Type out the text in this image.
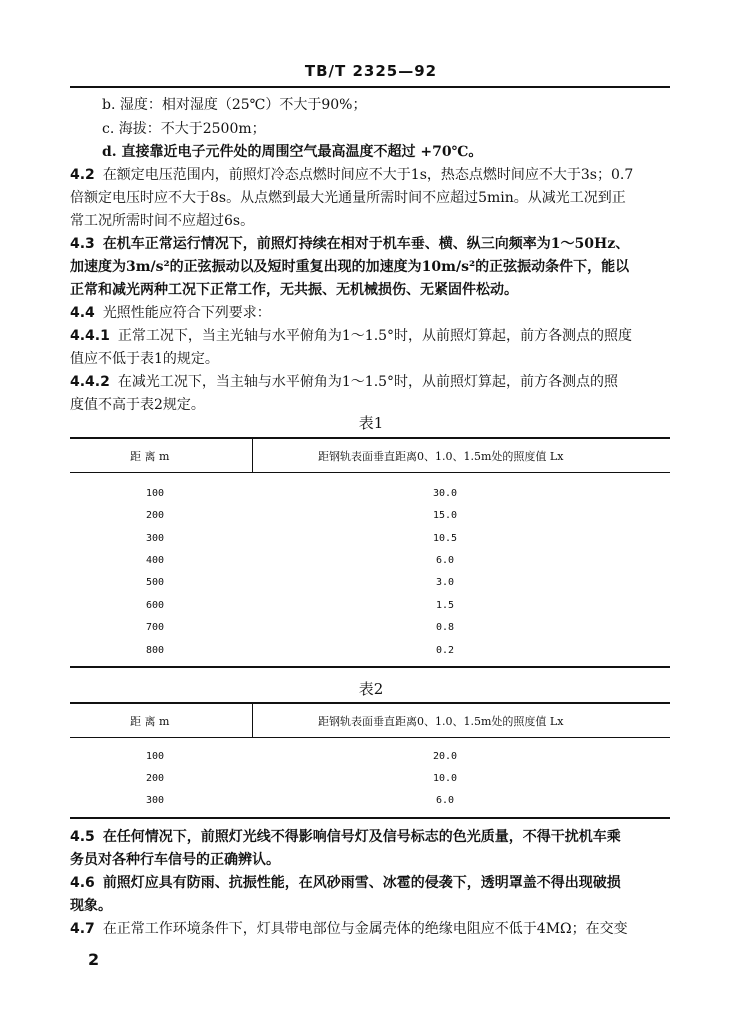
TB/T 2325—92
b. 湿度：相对湿度（25℃）不大于90%；
c. 海拔：不大于2500m；
d. 直接靠近电子元件处的周围空气最高温度不超过 +70℃。
4.2 在额定电压范围内，前照灯冷态点燃时间应不大于1s，热态点燃时间应不大于3s；0.7
倍额定电压时应不大于8s。从点燃到最大光通量所需时间不应超过5min。从减光工况到正
常工况所需时间不应超过6s。
4.3 在机车正常运行情况下，前照灯持续在相对于机车垂、横、纵三向频率为1～50Hz、
加速度为3m/s²的正弦振动以及短时重复出现的加速度为10m/s²的正弦振动条件下，能以
正常和减光两种工况下正常工作，无共振、无机械损伤、无紧固件松动。
4.4 光照性能应符合下列要求：
4.4.1 正常工况下，当主光轴与水平俯角为1～1.5°时，从前照灯算起，前方各测点的照度
值应不低于表1的规定。
4.4.2 在减光工况下，当主轴与水平俯角为1～1.5°时，从前照灯算起，前方各测点的照
度值不高于表2规定。
表1
距 离 m	距钢轨表面垂直距离0、1.0、1.5m处的照度值 Lx
100	30.0
200	15.0
300	10.5
400	6.0
500	3.0
600	1.5
700	0.8
800	0.2
表2
距 离 m	距钢轨表面垂直距离0、1.0、1.5m处的照度值 Lx
100	20.0
200	10.0
300	6.0
4.5 在任何情况下，前照灯光线不得影响信号灯及信号标志的色光质量，不得干扰机车乘
务员对各种行车信号的正确辨认。
4.6 前照灯应具有防雨、抗振性能，在风砂雨雪、冰雹的侵袭下，透明罩盖不得出现破损
现象。
4.7 在正常工作环境条件下，灯具带电部位与金属壳体的绝缘电阻应不低于4MΩ；在交变
2
